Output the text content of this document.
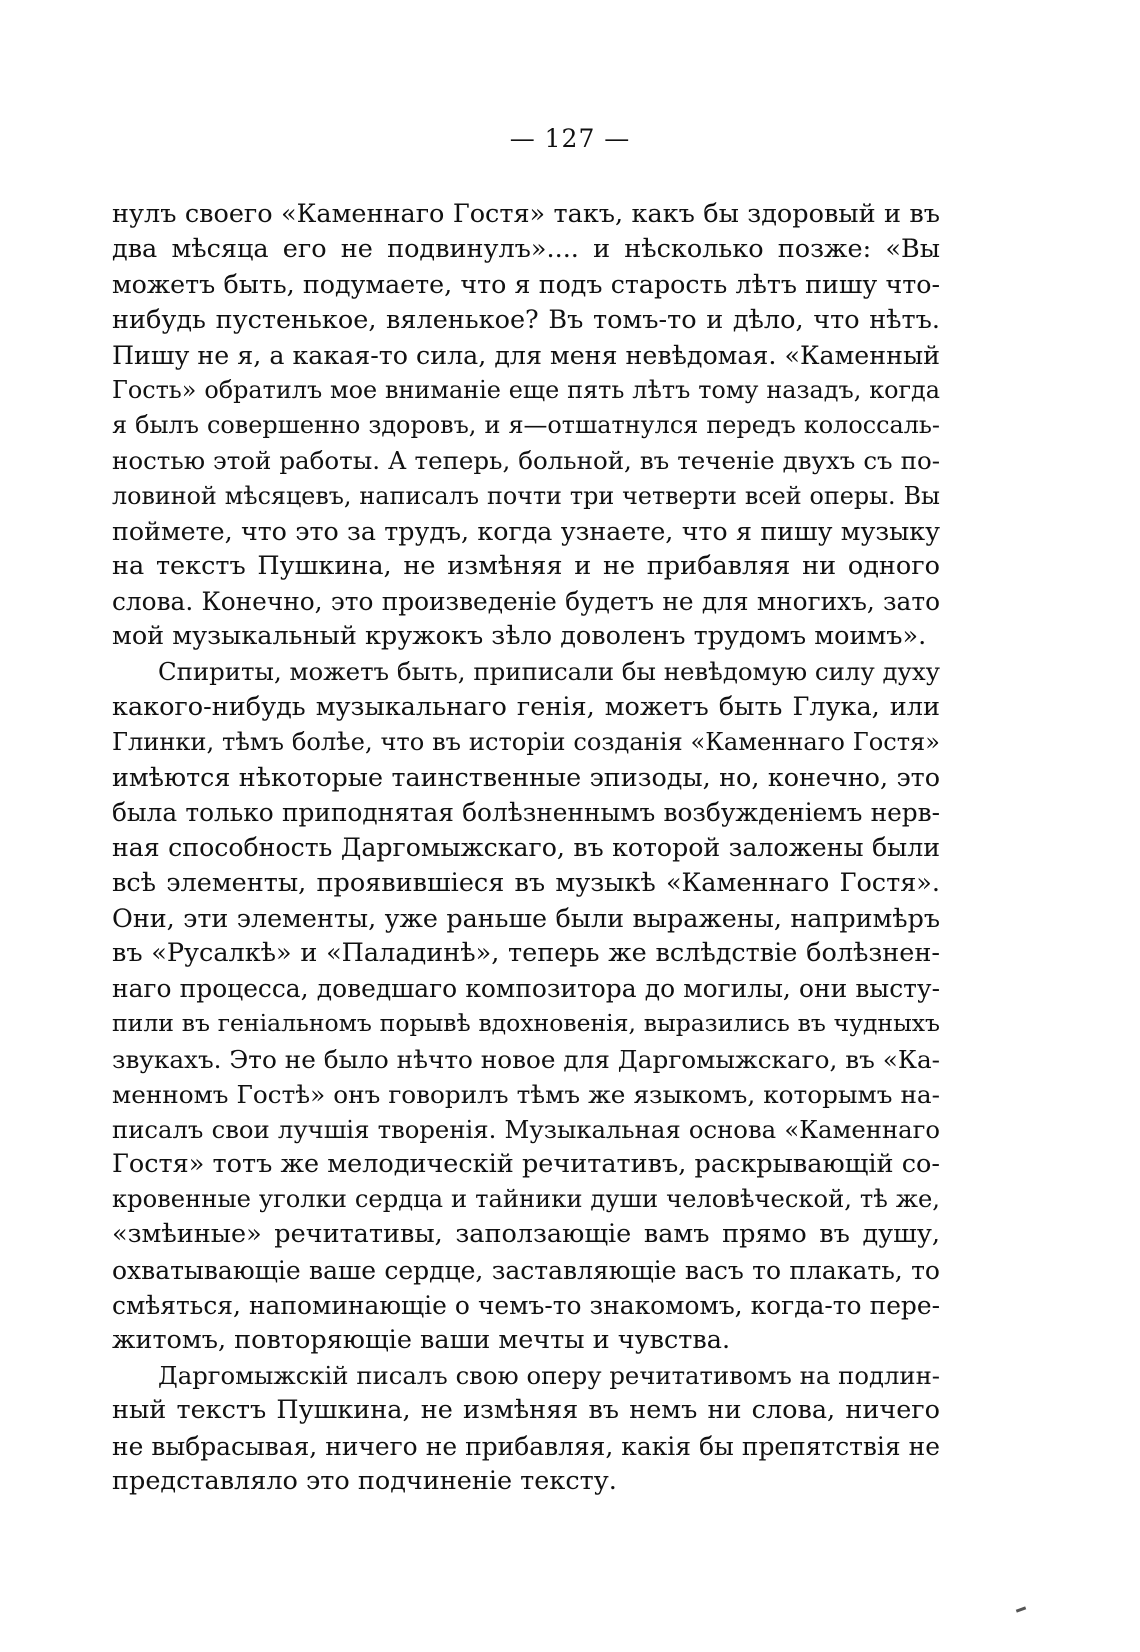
— 127 —

нулъ своего «Каменнаго Гостя» такъ, какъ бы здоровый и въ
два мѣсяца его не подвинулъ».... и нѣсколько позже: «Вы
можетъ быть, подумаете, что я подъ старость лѣтъ пишу что-
нибудь пустенькое, вяленькое? Въ томъ-то и дѣло, что нѣтъ.
Пишу не я, а какая-то сила, для меня невѣдомая. «Каменный
Гость» обратилъ мое вниманіе еще пять лѣтъ тому назадъ, когда
я былъ совершенно здоровъ, и я—отшатнулся передъ колоссаль-
ностью этой работы. А теперь, больной, въ теченіе двухъ съ по-
ловиной мѣсяцевъ, написалъ почти три четверти всей оперы. Вы
поймете, что это за трудъ, когда узнаете, что я пишу музыку
на текстъ Пушкина, не измѣняя и не прибавляя ни одного
слова. Конечно, это произведеніе будетъ не для многихъ, зато
мой музыкальный кружокъ зѣло доволенъ трудомъ моимъ».

Спириты, можетъ быть, приписали бы невѣдомую силу духу
какого-нибудь музыкальнаго генія, можетъ быть Глука, или
Глинки, тѣмъ болѣе, что въ исторіи созданія «Каменнаго Гостя»
имѣются нѣкоторые таинственные эпизоды, но, конечно, это
была только приподнятая болѣзненнымъ возбужденіемъ нерв-
ная способность Даргомыжскаго, въ которой заложены были
всѣ элементы, проявившіеся въ музыкѣ «Каменнаго Гостя».
Они, эти элементы, уже раньше были выражены, напримѣръ
въ «Русалкѣ» и «Паладинѣ», теперь же вслѣдствіе болѣзнен-
наго процесса, доведшаго композитора до могилы, они высту-
пили въ геніальномъ порывѣ вдохновенія, выразились въ чудныхъ
звукахъ. Это не было нѣчто новое для Даргомыжскаго, въ «Ка-
менномъ Гостѣ» онъ говорилъ тѣмъ же языкомъ, которымъ на-
писалъ свои лучшія творенія. Музыкальная основа «Каменнаго
Гостя» тотъ же мелодическій речитативъ, раскрывающій со-
кровенные уголки сердца и тайники души человѣческой, тѣ же,
«змѣиные» речитативы, заползающіе вамъ прямо въ душу,
охватывающіе ваше сердце, заставляющіе васъ то плакать, то
смѣяться, напоминающіе о чемъ-то знакомомъ, когда-то пере-
житомъ, повторяющіе ваши мечты и чувства.

Даргомыжскій писалъ свою оперу речитативомъ на подлин-
ный текстъ Пушкина, не измѣняя въ немъ ни слова, ничего
не выбрасывая, ничего не прибавляя, какія бы препятствія не
представляло это подчиненіе тексту.
